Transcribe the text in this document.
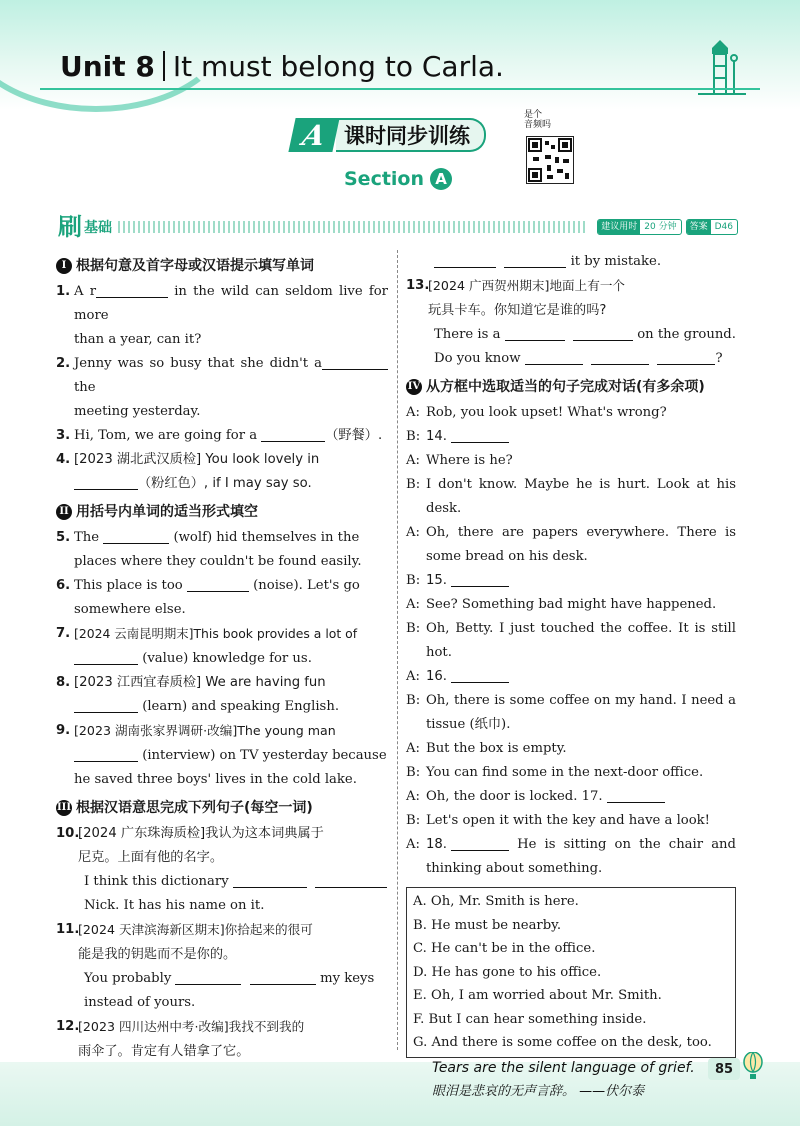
Unit 8 It must belong to Carla.
A 课时同步训练
是个
音频吗
Section A
刷 基础	建议用时 20 分钟	答案 D46
I 根据句意及首字母或汉语提示填写单词
1. A r	in the wild can seldom live for more
than a year, can it?
2. Jenny was so busy that she didn't a the
meeting yesterday.
3. Hi, Tom, we are going for a	（野餐）.
4. [2023 湖北武汉质检] You look lovely in
（粉红色）, if I may say so.
II 用括号内单词的适当形式填空
5. The	(wolf) hid themselves in the
places where they couldn't be found easily.
6. This place is too	(noise). Let's go
somewhere else.
7. [2024 云南昆明期末]This book provides a lot of
(value) knowledge for us.
8. [2023 江西宜春质检] We are having fun
(learn) and speaking English.
9. [2023 湖南张家界调研·改编]The young man
(interview) on TV yesterday because
he saved three boys' lives in the cold lake.
III 根据汉语意思完成下列句子(每空一词)
10.
[2024 广东珠海质检]我认为这本词典属于
尼克。上面有他的名字。
I think this dictionary
Nick. It has his name on it.
11.
[2024 天津滨海新区期末]你拾起来的很可
能是我的钥匙而不是你的。
You probably	my keys
instead of yours.
12.
[2023 四川达州中考·改编]我找不到我的
雨伞了。肯定有人错拿了它。
it by mistake.
13.
[2024 广西贺州期末]地面上有一个
玩具卡车。你知道它是谁的吗?
There is a	on the ground.
Do you know	?
IV 从方框中选取适当的句子完成对话(有多余项)
A: Rob, you look upset! What's wrong?
B: 14.
A: Where is he?
B: I don't know. Maybe he is hurt. Look at his desk.
A: Oh, there are papers everywhere. There is some bread on his desk.
B: 15.
A: See? Something bad might have happened.
B: Oh, Betty. I just touched the coffee. It is still hot.
A: 16.
B: Oh, there is some coffee on my hand. I need a tissue (纸巾).
A: But the box is empty.
B: You can find some in the next-door office.
A: Oh, the door is locked. 17.
B: Let's open it with the key and have a look!
A: 18.	He is sitting on the chair and thinking about something.
A. Oh, Mr. Smith is here.
B. He must be nearby.
C. He can't be in the office.
D. He has gone to his office.
E. Oh, I am worried about Mr. Smith.
F. But I can hear something inside.
G. And there is some coffee on the desk, too.
Tears are the silent language of grief.
眼泪是悲哀的无声言辞。 ——伏尔泰
85
